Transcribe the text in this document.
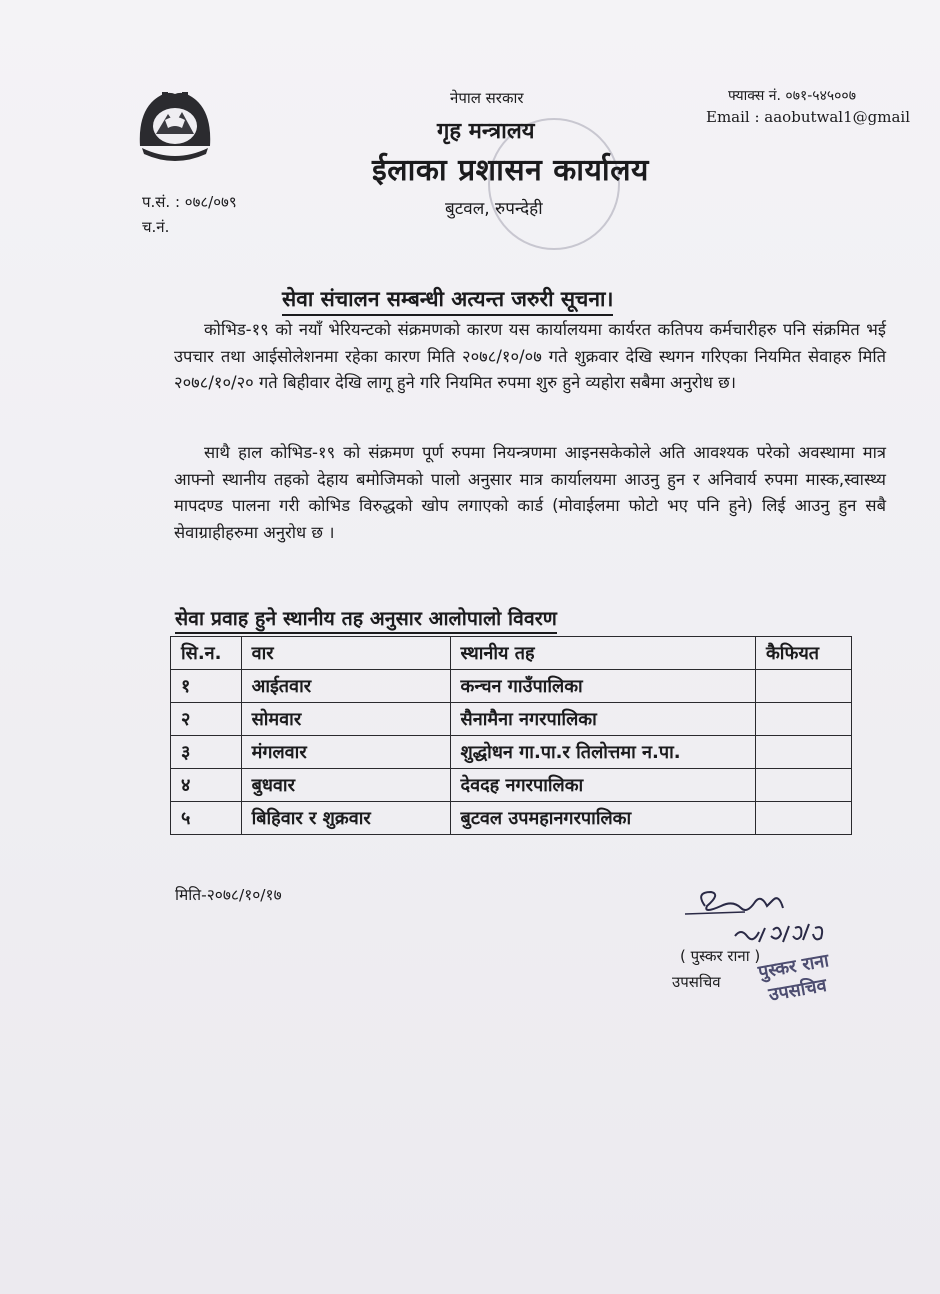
नेपाल सरकार
गृह मन्त्रालय
ईलाका प्रशासन कार्यालय
बुटवल, रुपन्देही
फ्याक्स नं. ०७१-५४५००७
Email : aaobutwal1@gmail
प.सं. : ०७८/०७९
च.नं.
सेवा संचालन सम्बन्धी अत्यन्त जरुरी सूचना।
कोभिड-१९ को नयाँ भेरियन्टको संक्रमणको कारण यस कार्यालयमा कार्यरत कतिपय कर्मचारीहरु पनि संक्रमित भई उपचार तथा आईसोलेशनमा रहेका कारण मिति २०७८/१०/०७ गते शुक्रवार देखि स्थगन गरिएका नियमित सेवाहरु मिति २०७८/१०/२० गते बिहीवार देखि लागू हुने गरि नियमित रुपमा शुरु हुने व्यहोरा सबैमा अनुरोध छ।
साथै हाल कोभिड-१९ को संक्रमण पूर्ण रुपमा नियन्त्रणमा आइनसकेकोले अति आवश्यक परेको अवस्थामा मात्र आफ्नो स्थानीय तहको देहाय बमोजिमको पालो अनुसार मात्र कार्यालयमा आउनु हुन र अनिवार्य रुपमा मास्क,स्वास्थ्य मापदण्ड पालना गरी कोभिड विरुद्धको खोप लगाएको कार्ड (मोवाईलमा फोटो भए पनि हुने) लिई आउनु हुन सबै सेवाग्राहीहरुमा अनुरोध छ ।
सेवा प्रवाह हुने स्थानीय तह अनुसार आलोपालो विवरण
सि.न.	वार	स्थानीय तह	कैफियत
१	आईतवार	कन्चन गाउँपालिका	
२	सोमवार	सैनामैना नगरपालिका	
३	मंगलवार	शुद्धोधन गा.पा.र तिलोत्तमा न.पा.	
४	बुधवार	देवदह नगरपालिका	
५	बिहिवार र शुक्रवार	बुटवल उपमहानगरपालिका	
मिति-२०७८/१०/१७
( पुस्कर राना )
उपसचिव पुस्कर राना
उपसचिव
